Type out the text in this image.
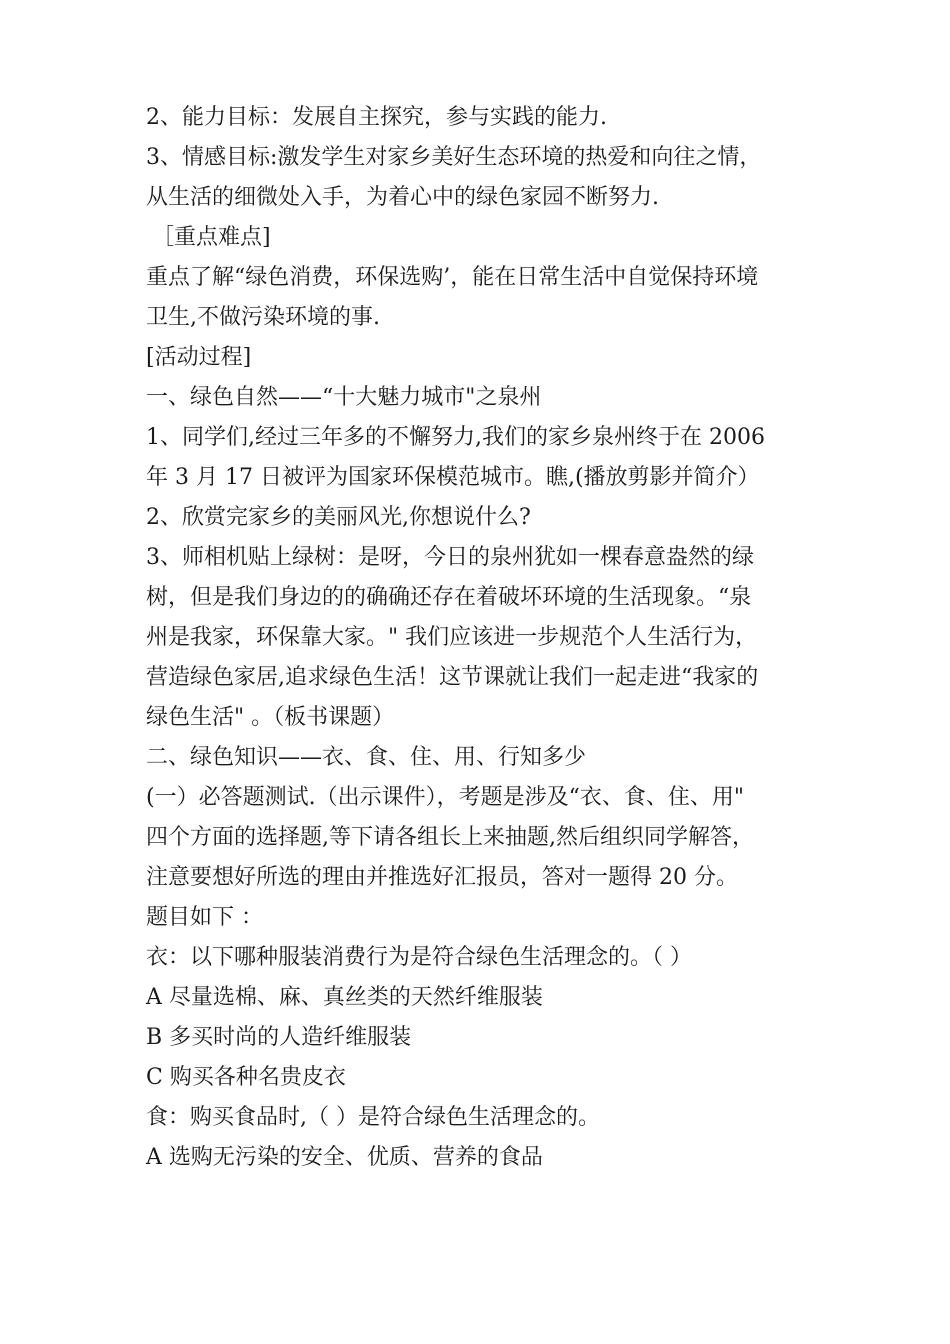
2、能力目标：发展自主探究，参与实践的能力.
3、情感目标:激发学生对家乡美好生态环境的热爱和向往之情，
从生活的细微处入手，为着心中的绿色家园不断努力.
［重点难点]
重点了解“绿色消费，环保选购’，能在日常生活中自觉保持环境
卫生,不做污染环境的事.
[活动过程]
一、绿色自然——“十大魅力城市"之泉州
1、同学们,经过三年多的不懈努力,我们的家乡泉州终于在 2006
年 3 月 17 日被评为国家环保模范城市。瞧,(播放剪影并简介）
2、欣赏完家乡的美丽风光,你想说什么?
3、师相机贴上绿树：是呀，今日的泉州犹如一棵春意盎然的绿
树，但是我们身边的的确确还存在着破坏环境的生活现象。“泉
州是我家，环保靠大家。" 我们应该进一步规范个人生活行为，
营造绿色家居,追求绿色生活！这节课就让我们一起走进“我家的
绿色生活" 。（板书课题）
二、绿色知识——衣、食、住、用、行知多少
(一）必答题测试.（出示课件），考题是涉及“衣、食、住、用"
四个方面的选择题,等下请各组长上来抽题,然后组织同学解答，
注意要想好所选的理由并推选好汇报员，答对一题得 20 分。
题目如下 ：
衣：以下哪种服装消费行为是符合绿色生活理念的。（ ）
A 尽量选棉、麻、真丝类的天然纤维服装
B 多买时尚的人造纤维服装
C 购买各种名贵皮衣
食：购买食品时,（ ）是符合绿色生活理念的。
A 选购无污染的安全、优质、营养的食品
